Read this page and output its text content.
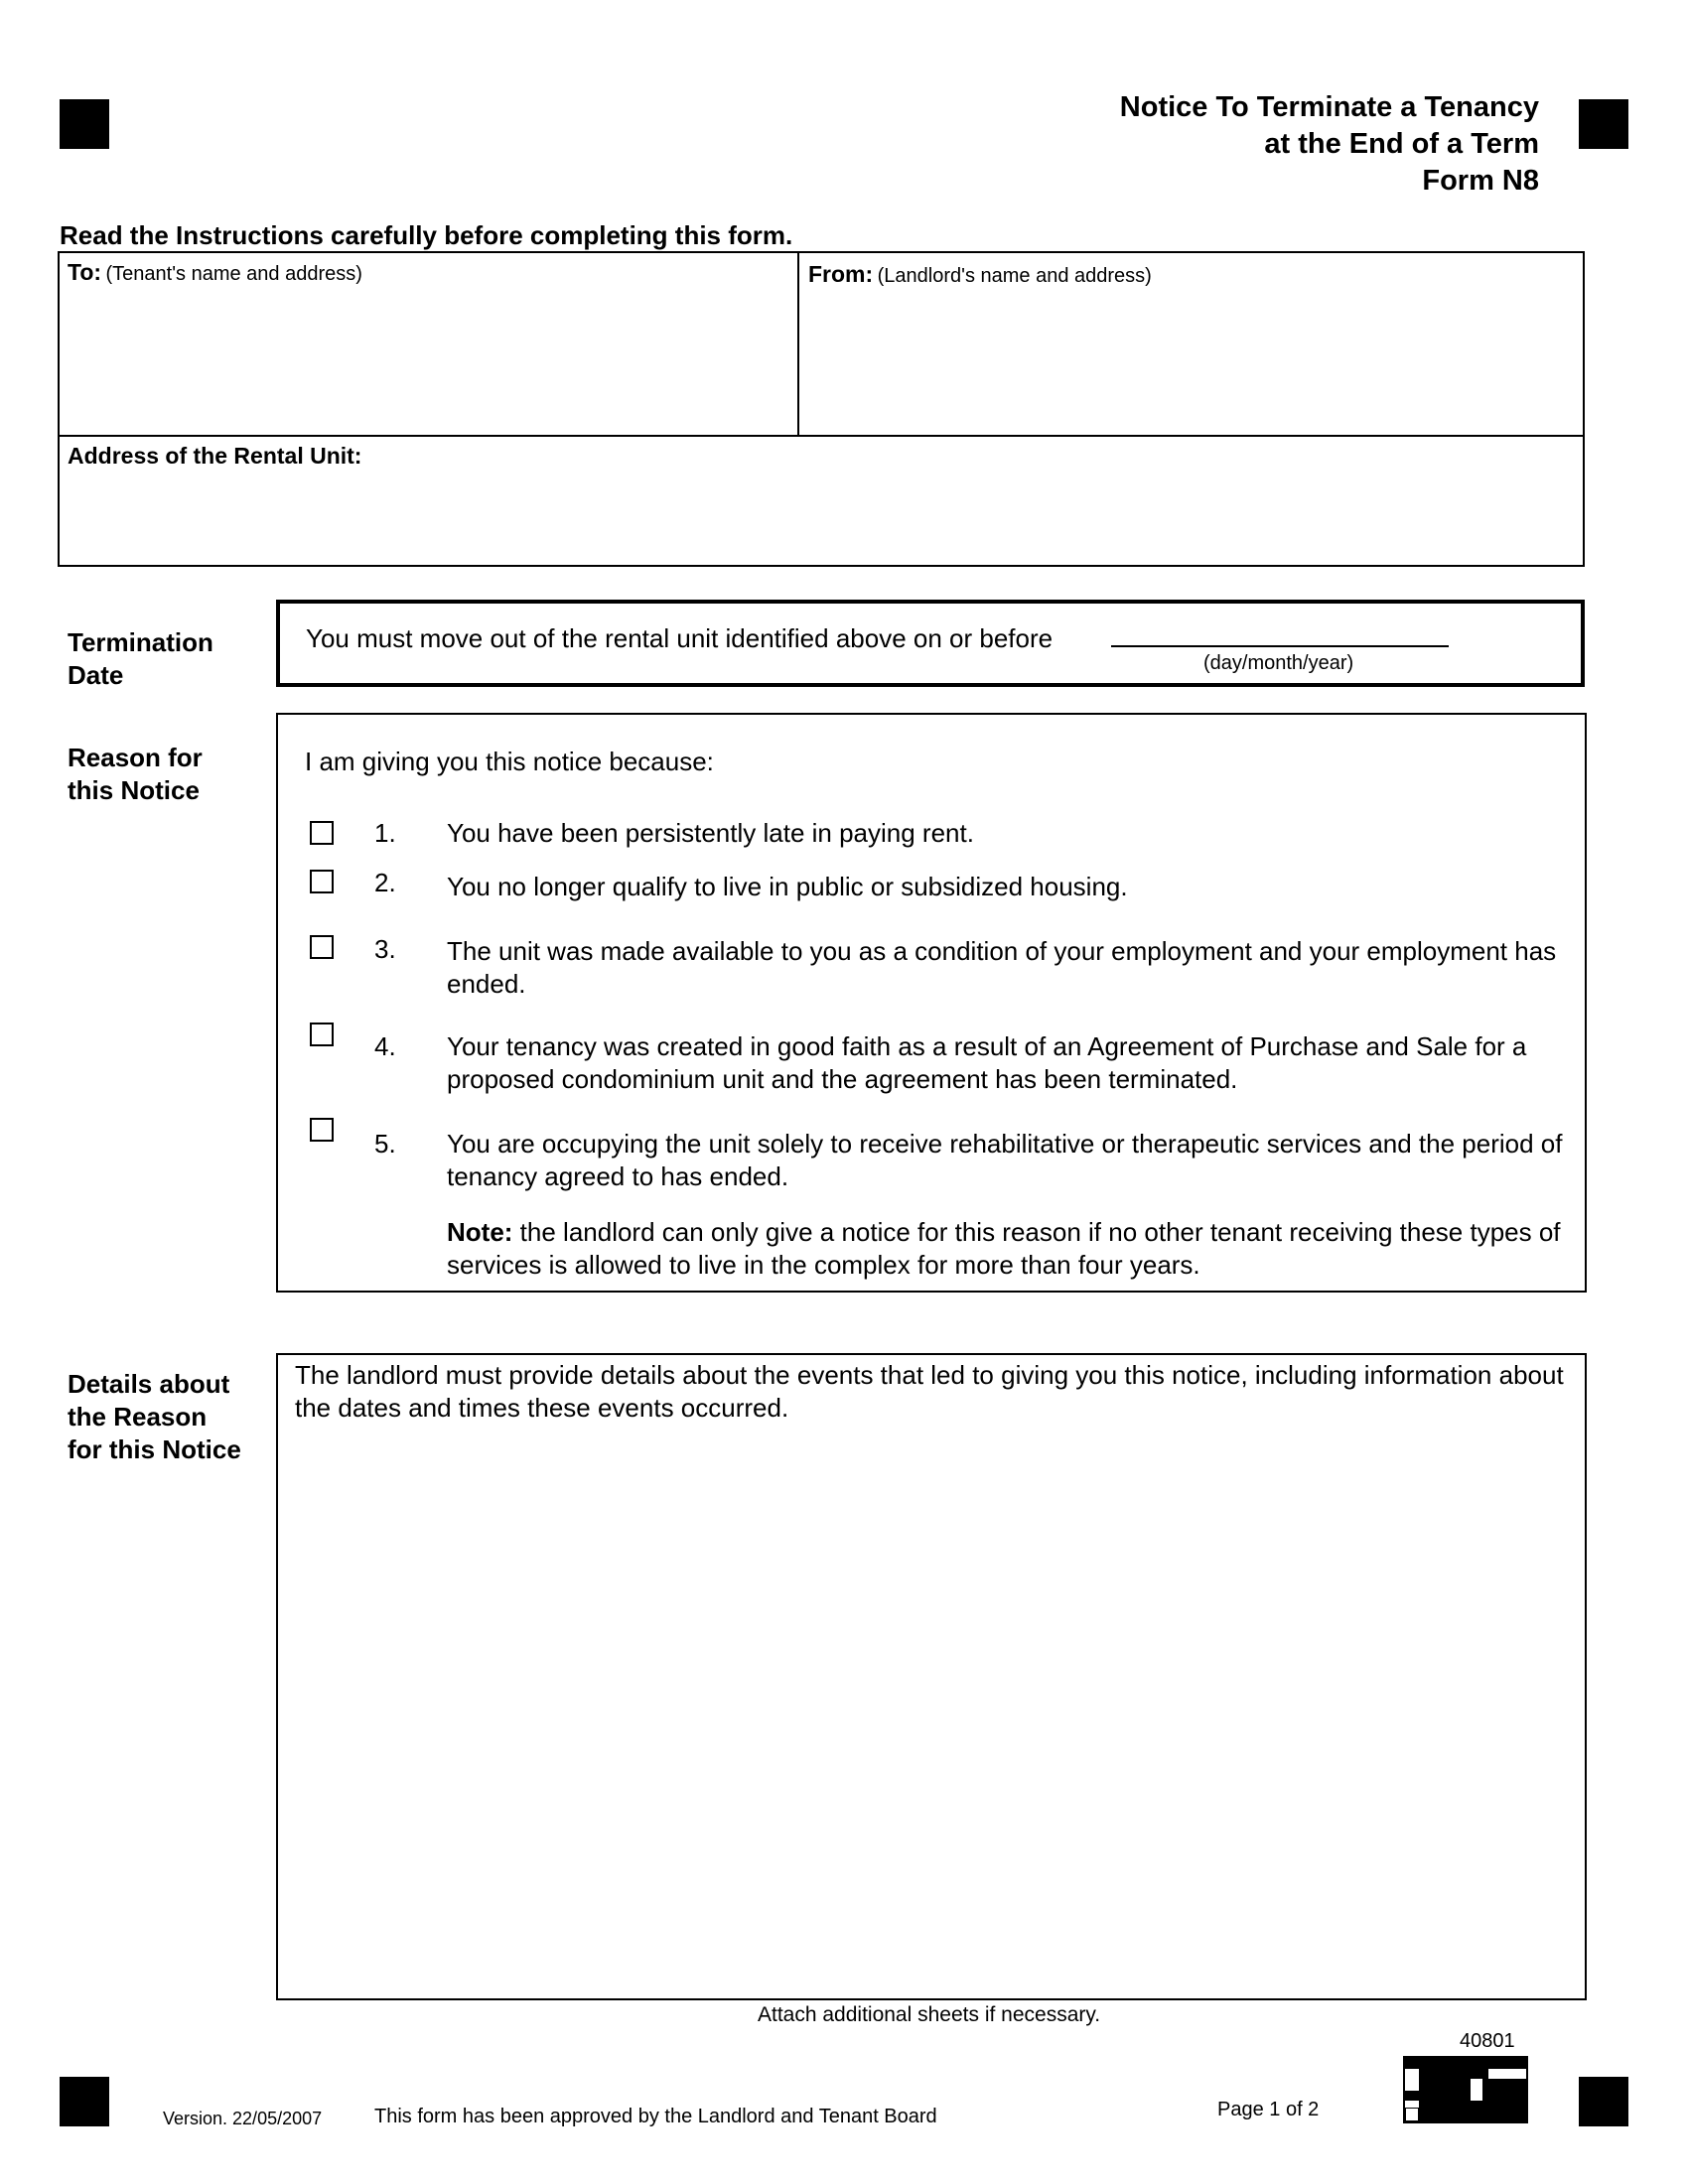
Notice To Terminate a Tenancy
at the End of a Term
Form N8
Read the Instructions carefully before completing this form.
To: (Tenant's name and address)	From: (Landlord's name and address)
Address of the Rental Unit:
Termination
Date
You must move out of the rental unit identified above on or before
(day/month/year)
Reason for
this Notice
I am giving you this notice because:
1. You have been persistently late in paying rent.
2. You no longer qualify to live in public or subsidized housing.
3. The unit was made available to you as a condition of your employment and your employment has ended.
4. Your tenancy was created in good faith as a result of an Agreement of Purchase and Sale for a proposed condominium unit and the agreement has been terminated.
5. You are occupying the unit solely to receive rehabilitative or therapeutic services and the period of tenancy agreed to has ended.
Note: the landlord can only give a notice for this reason if no other tenant receiving these types of services is allowed to live in the complex for more than four years.
Details about
the Reason
for this Notice
The landlord must provide details about the events that led to giving you this notice, including information about the dates and times these events occurred.
Attach additional sheets if necessary.
40801
Version. 22/05/2007	This form has been approved by the Landlord and Tenant Board	Page 1 of 2
